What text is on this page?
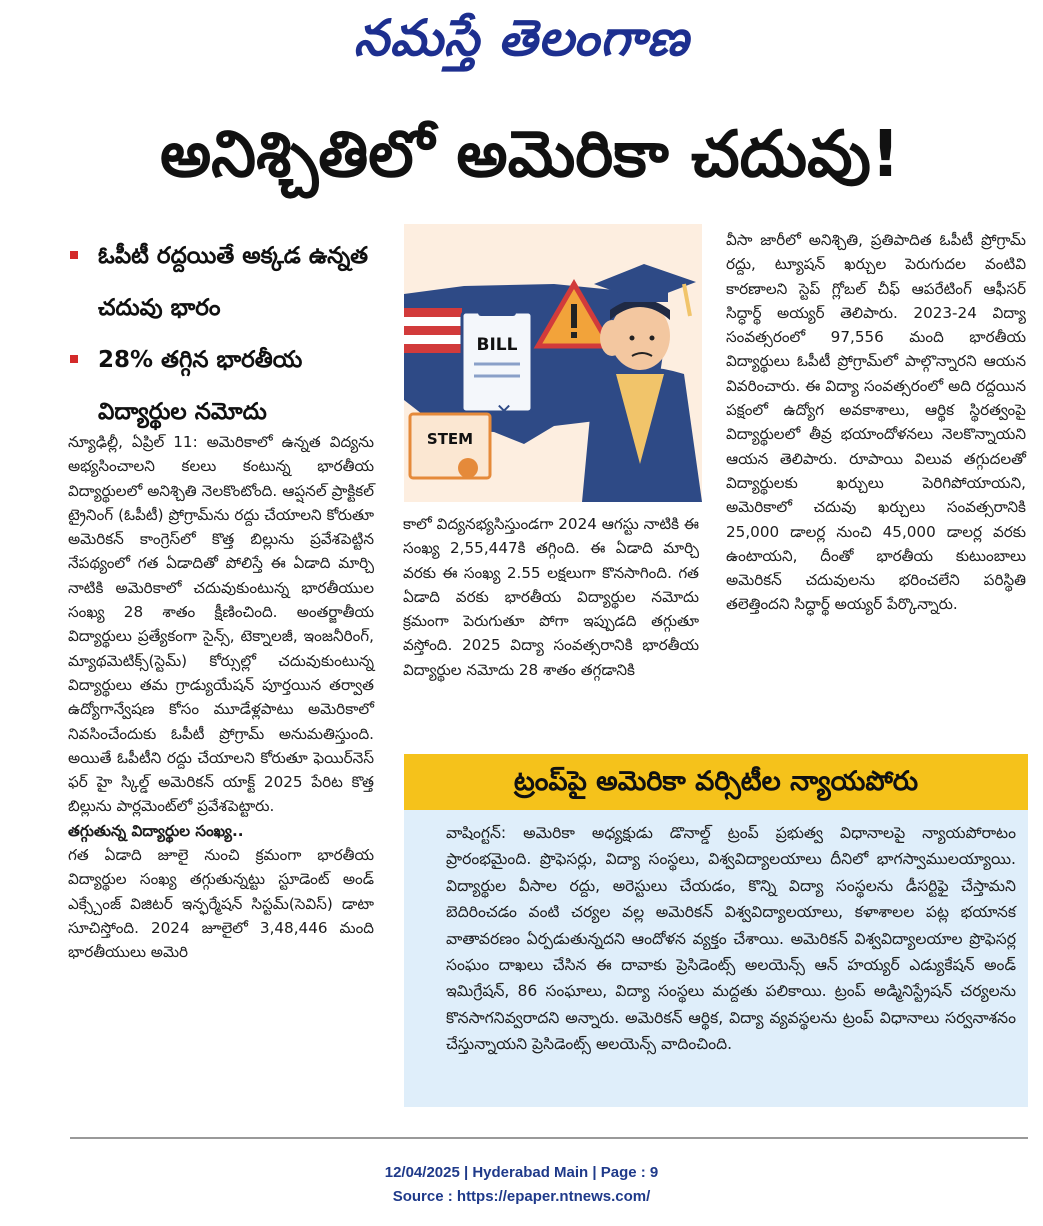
నమస్తే తెలంగాణ
అనిశ్చితిలో అమెరికా చదువు!
ఓపీటీ రద్దయితే అక్కడ ఉన్నత చదువు భారం
28% తగ్గిన భారతీయ విద్యార్థుల నమోదు
BILL
✕
STEM

న్యూఢిల్లీ, ఏప్రిల్ 11: అమెరికాలో ఉన్నత విద్యను అభ్యసించాలని కలలు కంటున్న భారతీయ విద్యార్థులలో అనిశ్చితి నెలకొంటోంది. ఆప్షనల్ ప్రాక్టికల్ ట్రైనింగ్ (ఓపీటీ) ప్రోగ్రామ్‌ను రద్దు చేయాలని కోరుతూ అమెరికన్ కాంగ్రెస్‌లో కొత్త బిల్లును ప్రవేశపెట్టిన నేపథ్యంలో గత ఏడాదితో పోలిస్తే ఈ ఏడాది మార్చి నాటికి అమెరికాలో చదువుకుంటున్న భారతీయుల సంఖ్య 28 శాతం క్షీణించింది. అంతర్జాతీయ విద్యార్థులు ప్రత్యేకంగా సైన్స్, టెక్నాలజీ, ఇంజనీరింగ్, మ్యాథమెటిక్స్(స్టెమ్) కోర్సుల్లో చదువుకుంటున్న విద్యార్థులు తమ గ్రాడ్యుయేషన్ పూర్తయిన తర్వాత ఉద్యోగాన్వేషణ కోసం మూడేళ్లపాటు అమెరికాలో నివసించేందుకు ఓపీటీ ప్రోగ్రామ్ అనుమతిస్తుంది. అయితే ఓపీటీని రద్దు చేయాలని కోరుతూ ఫెయిర్‌నెస్ ఫర్ హై స్కిల్డ్ అమెరికన్ యాక్ట్ 2025 పేరిట కొత్త బిల్లును పార్లమెంట్‌లో ప్రవేశపెట్టారు.

తగ్గుతున్న విద్యార్థుల సంఖ్య..

గత ఏడాది జూలై నుంచి క్రమంగా భారతీయ విద్యార్థుల సంఖ్య తగ్గుతున్నట్టు స్టూడెంట్ అండ్ ఎక్స్చేంజ్ విజిటర్ ఇన్ఫర్మేషన్ సిస్టమ్(సెవిస్) డాటా సూచిస్తోంది. 2024 జూలైలో 3,48,446 మంది భారతీయులు అమెరి

కాలో విద్యనభ్యసిస్తుండగా 2024 ఆగస్టు నాటికి ఈ సంఖ్య 2,55,447కి తగ్గింది. ఈ ఏడాది మార్చి వరకు ఈ సంఖ్య 2.55 లక్షలుగా కొనసాగింది. గత ఏడాది వరకు భారతీయ విద్యార్థుల నమోదు క్రమంగా పెరుగుతూ పోగా ఇప్పుడది తగ్గుతూ వస్తోంది. 2025 విద్యా సంవత్సరానికి భారతీయ విద్యార్థుల నమోదు 28 శాతం తగ్గడానికి

వీసా జారీలో అనిశ్చితి, ప్రతిపాదిత ఓపీటీ ప్రోగ్రామ్ రద్దు, ట్యూషన్ ఖర్చుల పెరుగుదల వంటివి కారణాలని స్టెప్ గ్లోబల్ చీఫ్ ఆపరేటింగ్ ఆఫీసర్ సిద్ధార్థ్ అయ్యర్ తెలిపారు. 2023-24 విద్యా సంవత్సరంలో 97,556 మంది భారతీయ విద్యార్థులు ఓపీటీ ప్రోగ్రామ్‌లో పాల్గొన్నారని ఆయన వివరించారు. ఈ విద్యా సంవత్సరంలో అది రద్దయిన పక్షంలో ఉద్యోగ అవకాశాలు, ఆర్థిక స్థిరత్వంపై విద్యార్థులలో తీవ్ర భయాందోళనలు నెలకొన్నాయని ఆయన తెలిపారు. రూపాయి విలువ తగ్గుదలతో విద్యార్థులకు ఖర్చులు పెరిగిపోయాయని, అమెరికాలో చదువు ఖర్చులు సంవత్సరానికి 25,000 డాలర్ల నుంచి 45,000 డాలర్ల వరకు ఉంటాయని, దీంతో భారతీయ కుటుంబాలు అమెరికన్ చదువులను భరించలేని పరిస్థితి తలెత్తిందని సిద్ధార్థ్ అయ్యర్ పేర్కొన్నారు.

ట్రంప్‌పై అమెరికా వర్సిటీల న్యాయపోరు
వాషింగ్టన్: అమెరికా అధ్యక్షుడు డొనాల్డ్ ట్రంప్ ప్రభుత్వ విధానాలపై న్యాయపోరాటం ప్రారంభమైంది. ప్రొఫెసర్లు, విద్యా సంస్థలు, విశ్వవిద్యాలయాలు దీనిలో భాగస్వాములయ్యాయి. విద్యార్థుల వీసాల రద్దు, అరెస్టులు చేయడం, కొన్ని విద్యా సంస్థలను డీసర్టిఫై చేస్తామని బెదిరించడం వంటి చర్యల వల్ల అమెరికన్ విశ్వవిద్యాలయాలు, కళాశాలల పట్ల భయానక వాతావరణం ఏర్పడుతున్నదని ఆందోళన వ్యక్తం చేశాయి. అమెరికన్ విశ్వవిద్యాలయాల ప్రొఫెసర్ల సంఘం దాఖలు చేసిన ఈ దావాకు ప్రెసిడెంట్స్ అలయెన్స్ ఆన్ హయ్యర్ ఎడ్యుకేషన్ అండ్ ఇమిగ్రేషన్, 86 సంఘాలు, విద్యా సంస్థలు మద్దతు పలికాయి. ట్రంప్ అడ్మినిస్ట్రేషన్ చర్యలను కొనసాగనివ్వరాదని అన్నారు. అమెరికన్ ఆర్థిక, విద్యా వ్యవస్థలను ట్రంప్ విధానాలు సర్వనాశనం చేస్తున్నాయని ప్రెసిడెంట్స్ అలయెన్స్ వాదించింది.
12/04/2025 | Hyderabad Main | Page : 9
Source : https://epaper.ntnews.com/
